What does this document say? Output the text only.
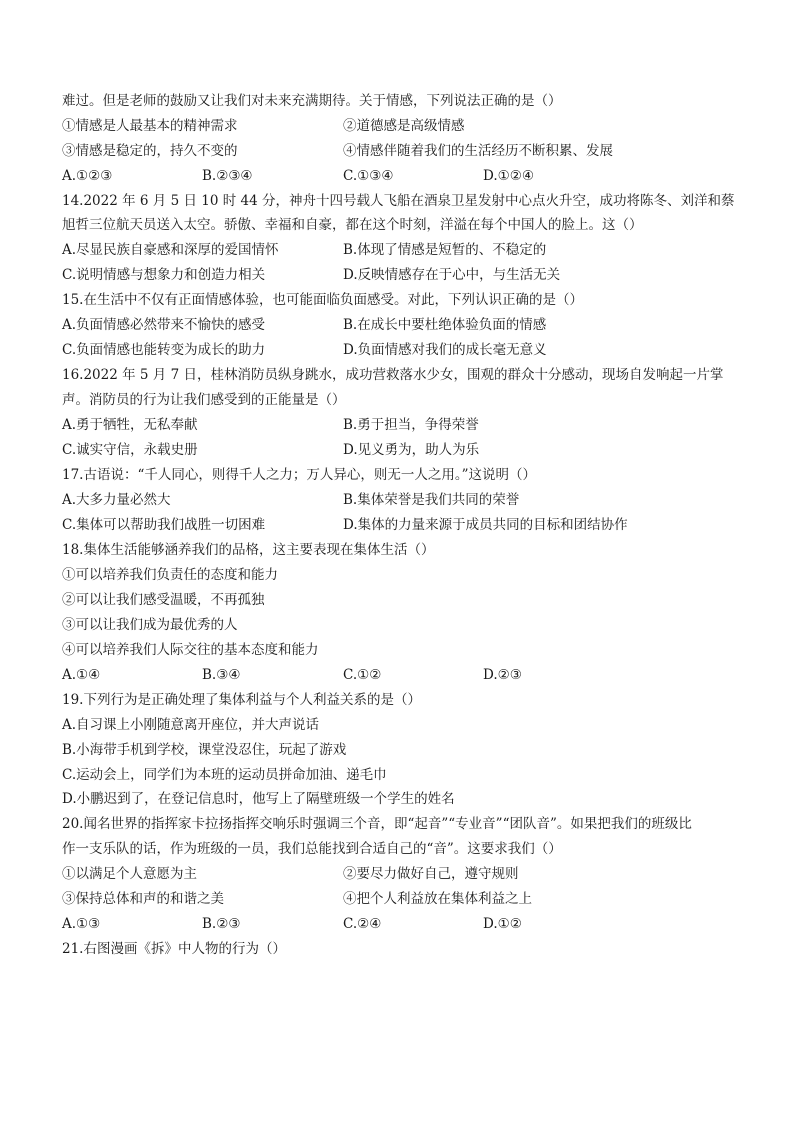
难过。但是老师的鼓励又让我们对未来充满期待。关于情感，下列说法正确的是（）
①情感是人最基本的精神需求	②道德感是高级情感
③情感是稳定的，持久不变的	④情感伴随着我们的生活经历不断积累、发展
A.①②③	B.②③④	C.①③④	D.①②④
14.2022 年 6 月 5 日 10 时 44 分，神舟十四号载人飞船在酒泉卫星发射中心点火升空，成功将陈冬、刘洋和蔡
旭哲三位航天员送入太空。骄傲、幸福和自豪，都在这个时刻，洋溢在每个中国人的脸上。这（）
A.尽显民族自豪感和深厚的爱国情怀	B.体现了情感是短暂的、不稳定的
C.说明情感与想象力和创造力相关	D.反映情感存在于心中，与生活无关
15.在生活中不仅有正面情感体验，也可能面临负面感受。对此，下列认识正确的是（）
A.负面情感必然带来不愉快的感受	B.在成长中要杜绝体验负面的情感
C.负面情感也能转变为成长的助力	D.负面情感对我们的成长毫无意义
16.2022 年 5 月 7 日，桂林消防员纵身跳水，成功营救落水少女，围观的群众十分感动，现场自发响起一片掌
声。消防员的行为让我们感受到的正能量是（）
A.勇于牺牲，无私奉献	B.勇于担当，争得荣誉
C.诚实守信，永载史册	D.见义勇为，助人为乐
17.古语说：“千人同心，则得千人之力；万人异心，则无一人之用。”这说明（）
A.大多力量必然大	B.集体荣誉是我们共同的荣誉
C.集体可以帮助我们战胜一切困难	D.集体的力量来源于成员共同的目标和团结协作
18.集体生活能够涵养我们的品格，这主要表现在集体生活（）
①可以培养我们负责任的态度和能力
②可以让我们感受温暖，不再孤独
③可以让我们成为最优秀的人
④可以培养我们人际交往的基本态度和能力
A.①④	B.③④	C.①②	D.②③
19.下列行为是正确处理了集体利益与个人利益关系的是（）
A.自习课上小刚随意离开座位，并大声说话
B.小海带手机到学校，课堂没忍住，玩起了游戏
C.运动会上，同学们为本班的运动员拼命加油、递毛巾
D.小鹏迟到了，在登记信息时，他写上了隔壁班级一个学生的姓名
20.闻名世界的指挥家卡拉扬指挥交响乐时强调三个音，即“起音”“专业音”“团队音”。如果把我们的班级比
作一支乐队的话，作为班级的一员，我们总能找到合适自己的“音”。这要求我们（）
①以满足个人意愿为主	②要尽力做好自己，遵守规则
③保持总体和声的和谐之美	④把个人利益放在集体利益之上
A.①③	B.②③	C.②④	D.①②
21.右图漫画《拆》中人物的行为（）
